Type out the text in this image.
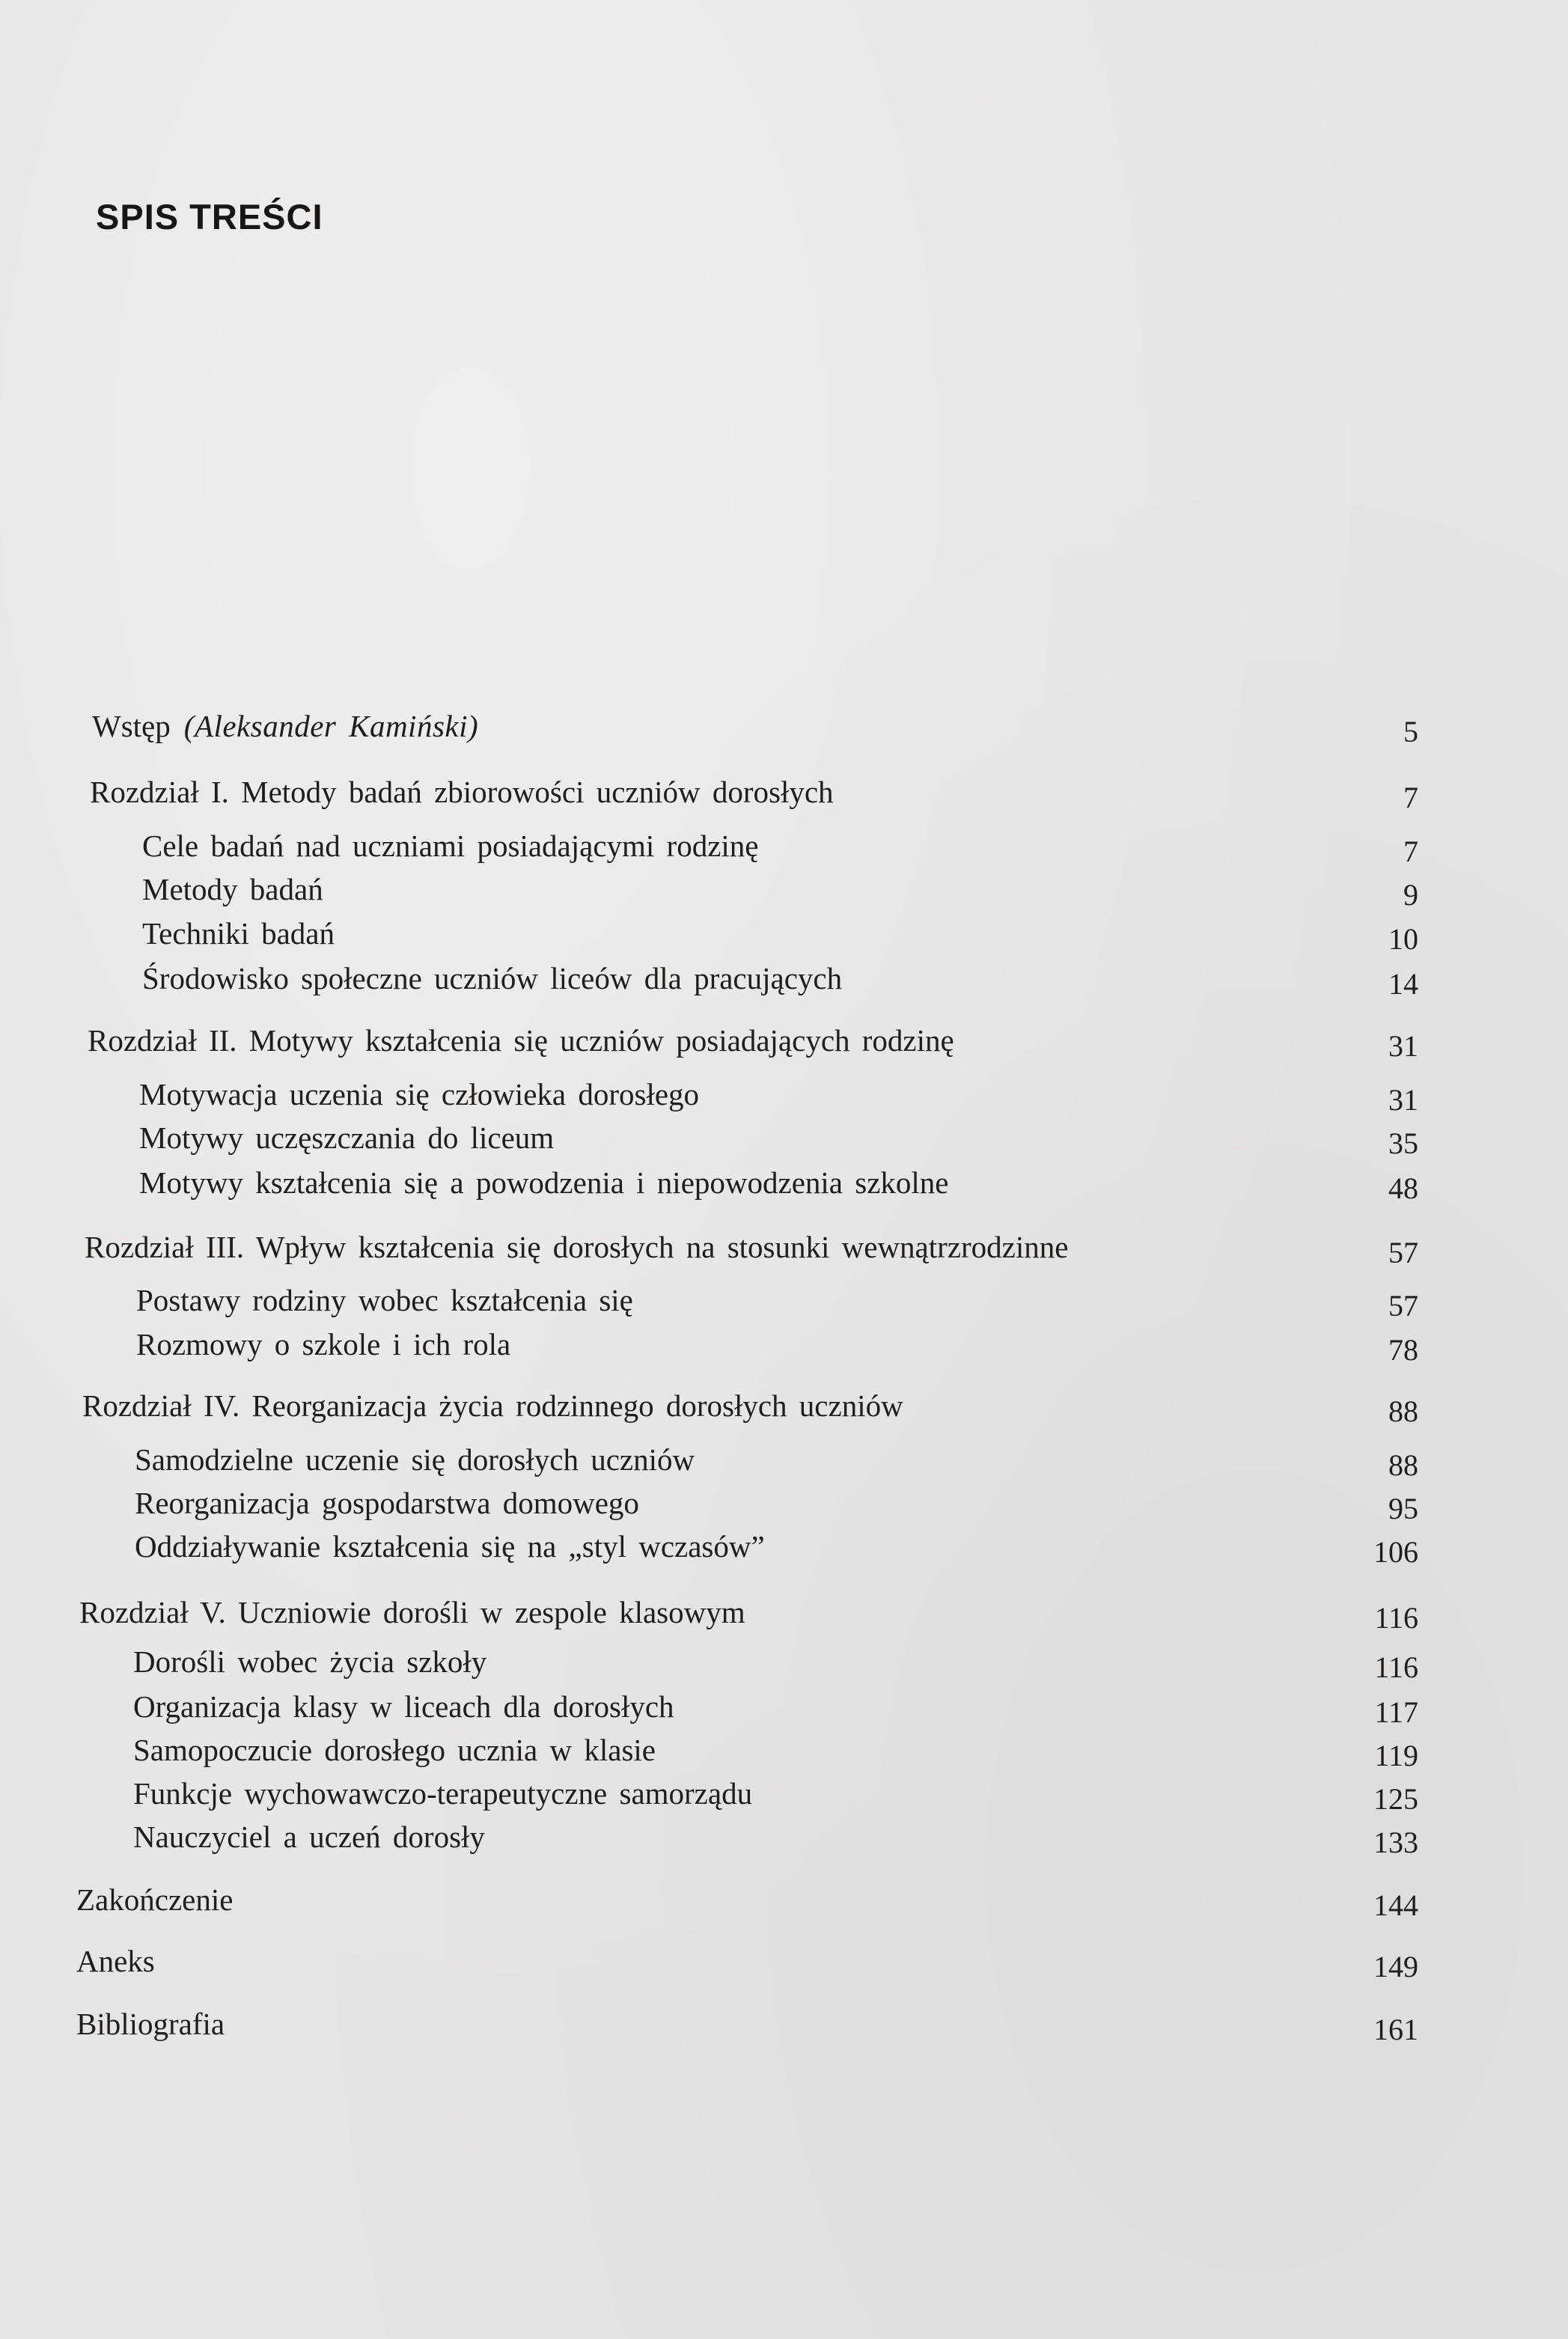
SPIS TREŚCI
Wstęp (Aleksander Kamiński)	5
Rozdział I. Metody badań zbiorowości uczniów dorosłych	7
Cele badań nad uczniami posiadającymi rodzinę	7
Metody badań	9
Techniki badań	10
Środowisko społeczne uczniów liceów dla pracujących	14
Rozdział II. Motywy kształcenia się uczniów posiadających rodzinę	31
Motywacja uczenia się człowieka dorosłego	31
Motywy uczęszczania do liceum	35
Motywy kształcenia się a powodzenia i niepowodzenia szkolne	48
Rozdział III. Wpływ kształcenia się dorosłych na stosunki wewnątrzrodzinne	57
Postawy rodziny wobec kształcenia się	57
Rozmowy o szkole i ich rola	78
Rozdział IV. Reorganizacja życia rodzinnego dorosłych uczniów	88
Samodzielne uczenie się dorosłych uczniów	88
Reorganizacja gospodarstwa domowego	95
Oddziaływanie kształcenia się na „styl wczasów”	106
Rozdział V. Uczniowie dorośli w zespole klasowym	116
Dorośli wobec życia szkoły	116
Organizacja klasy w liceach dla dorosłych	117
Samopoczucie dorosłego ucznia w klasie	119
Funkcje wychowawczo-terapeutyczne samorządu	125
Nauczyciel a uczeń dorosły	133
Zakończenie	144
Aneks	149
Bibliografia	161
